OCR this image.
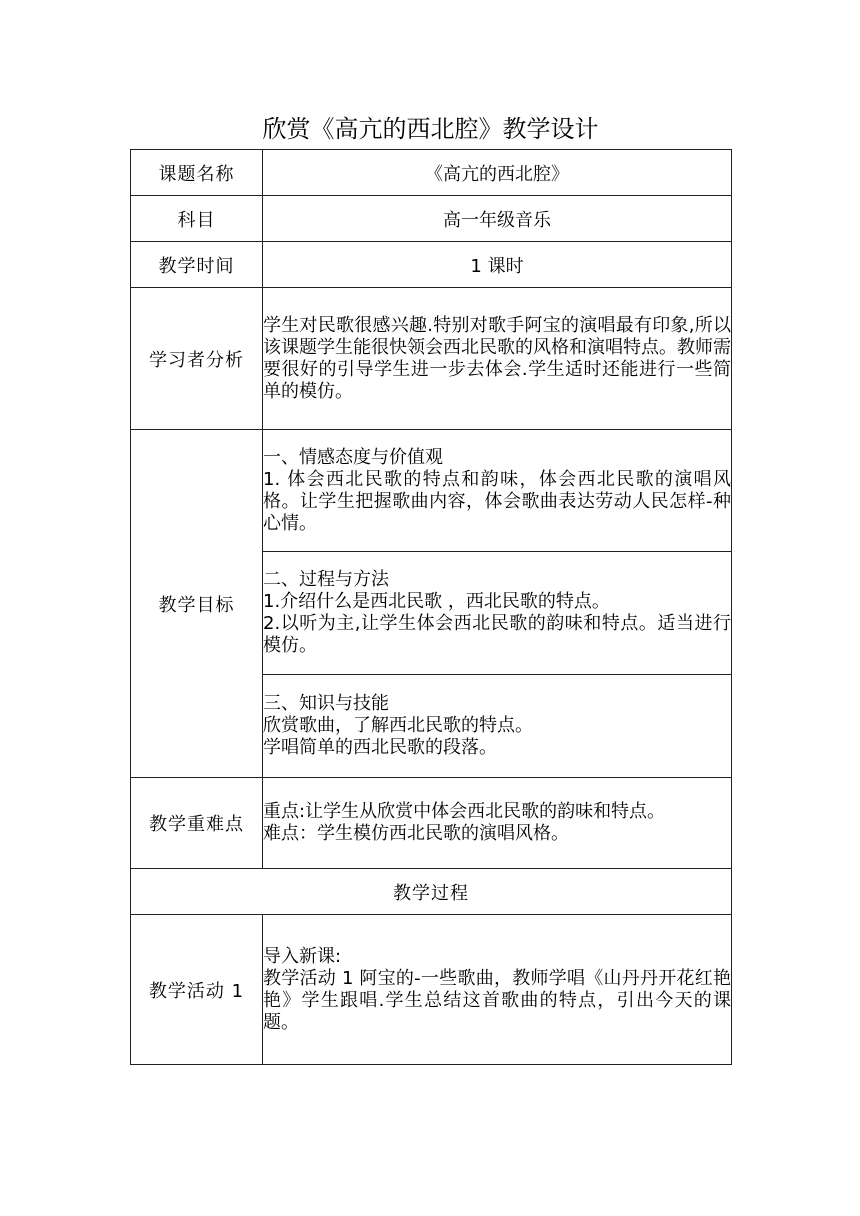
欣赏《高亢的西北腔》教学设计
课题名称	《高亢的西北腔》
科目	高一年级音乐
教学时间	1 课时
学习者分析	学生对民歌很感兴趣.特别对歌手阿宝的演唱最有印象,所以该课题学生能很快领会西北民歌的风格和演唱特点。教师需要很好的引导学生进一步去体会.学生适时还能进行一些简单的模仿。
教学目标	一、情感态度与价值观
1. 体会西北民歌的特点和韵味，体会西北民歌的演唱风格。让学生把握歌曲内容，体会歌曲表达劳动人民怎样-种心情。

	二、过程与方法
1.介绍什么是西北民歌 ，西北民歌的特点。
2.以听为主,让学生体会西北民歌的韵味和特点。适当进行模仿。

	三、知识与技能
欣赏歌曲，了解西北民歌的特点。
学唱简单的西北民歌的段落。

教学重难点	重点:让学生从欣赏中体会西北民歌的韵味和特点。
难点：学生模仿西北民歌的演唱风格。

教学过程	
教学活动 1	导入新课:
教学活动 1 阿宝的-一些歌曲，教师学唱《山丹丹开花红艳艳》学生跟唱.学生总结这首歌曲的特点，引出今天的课题。
